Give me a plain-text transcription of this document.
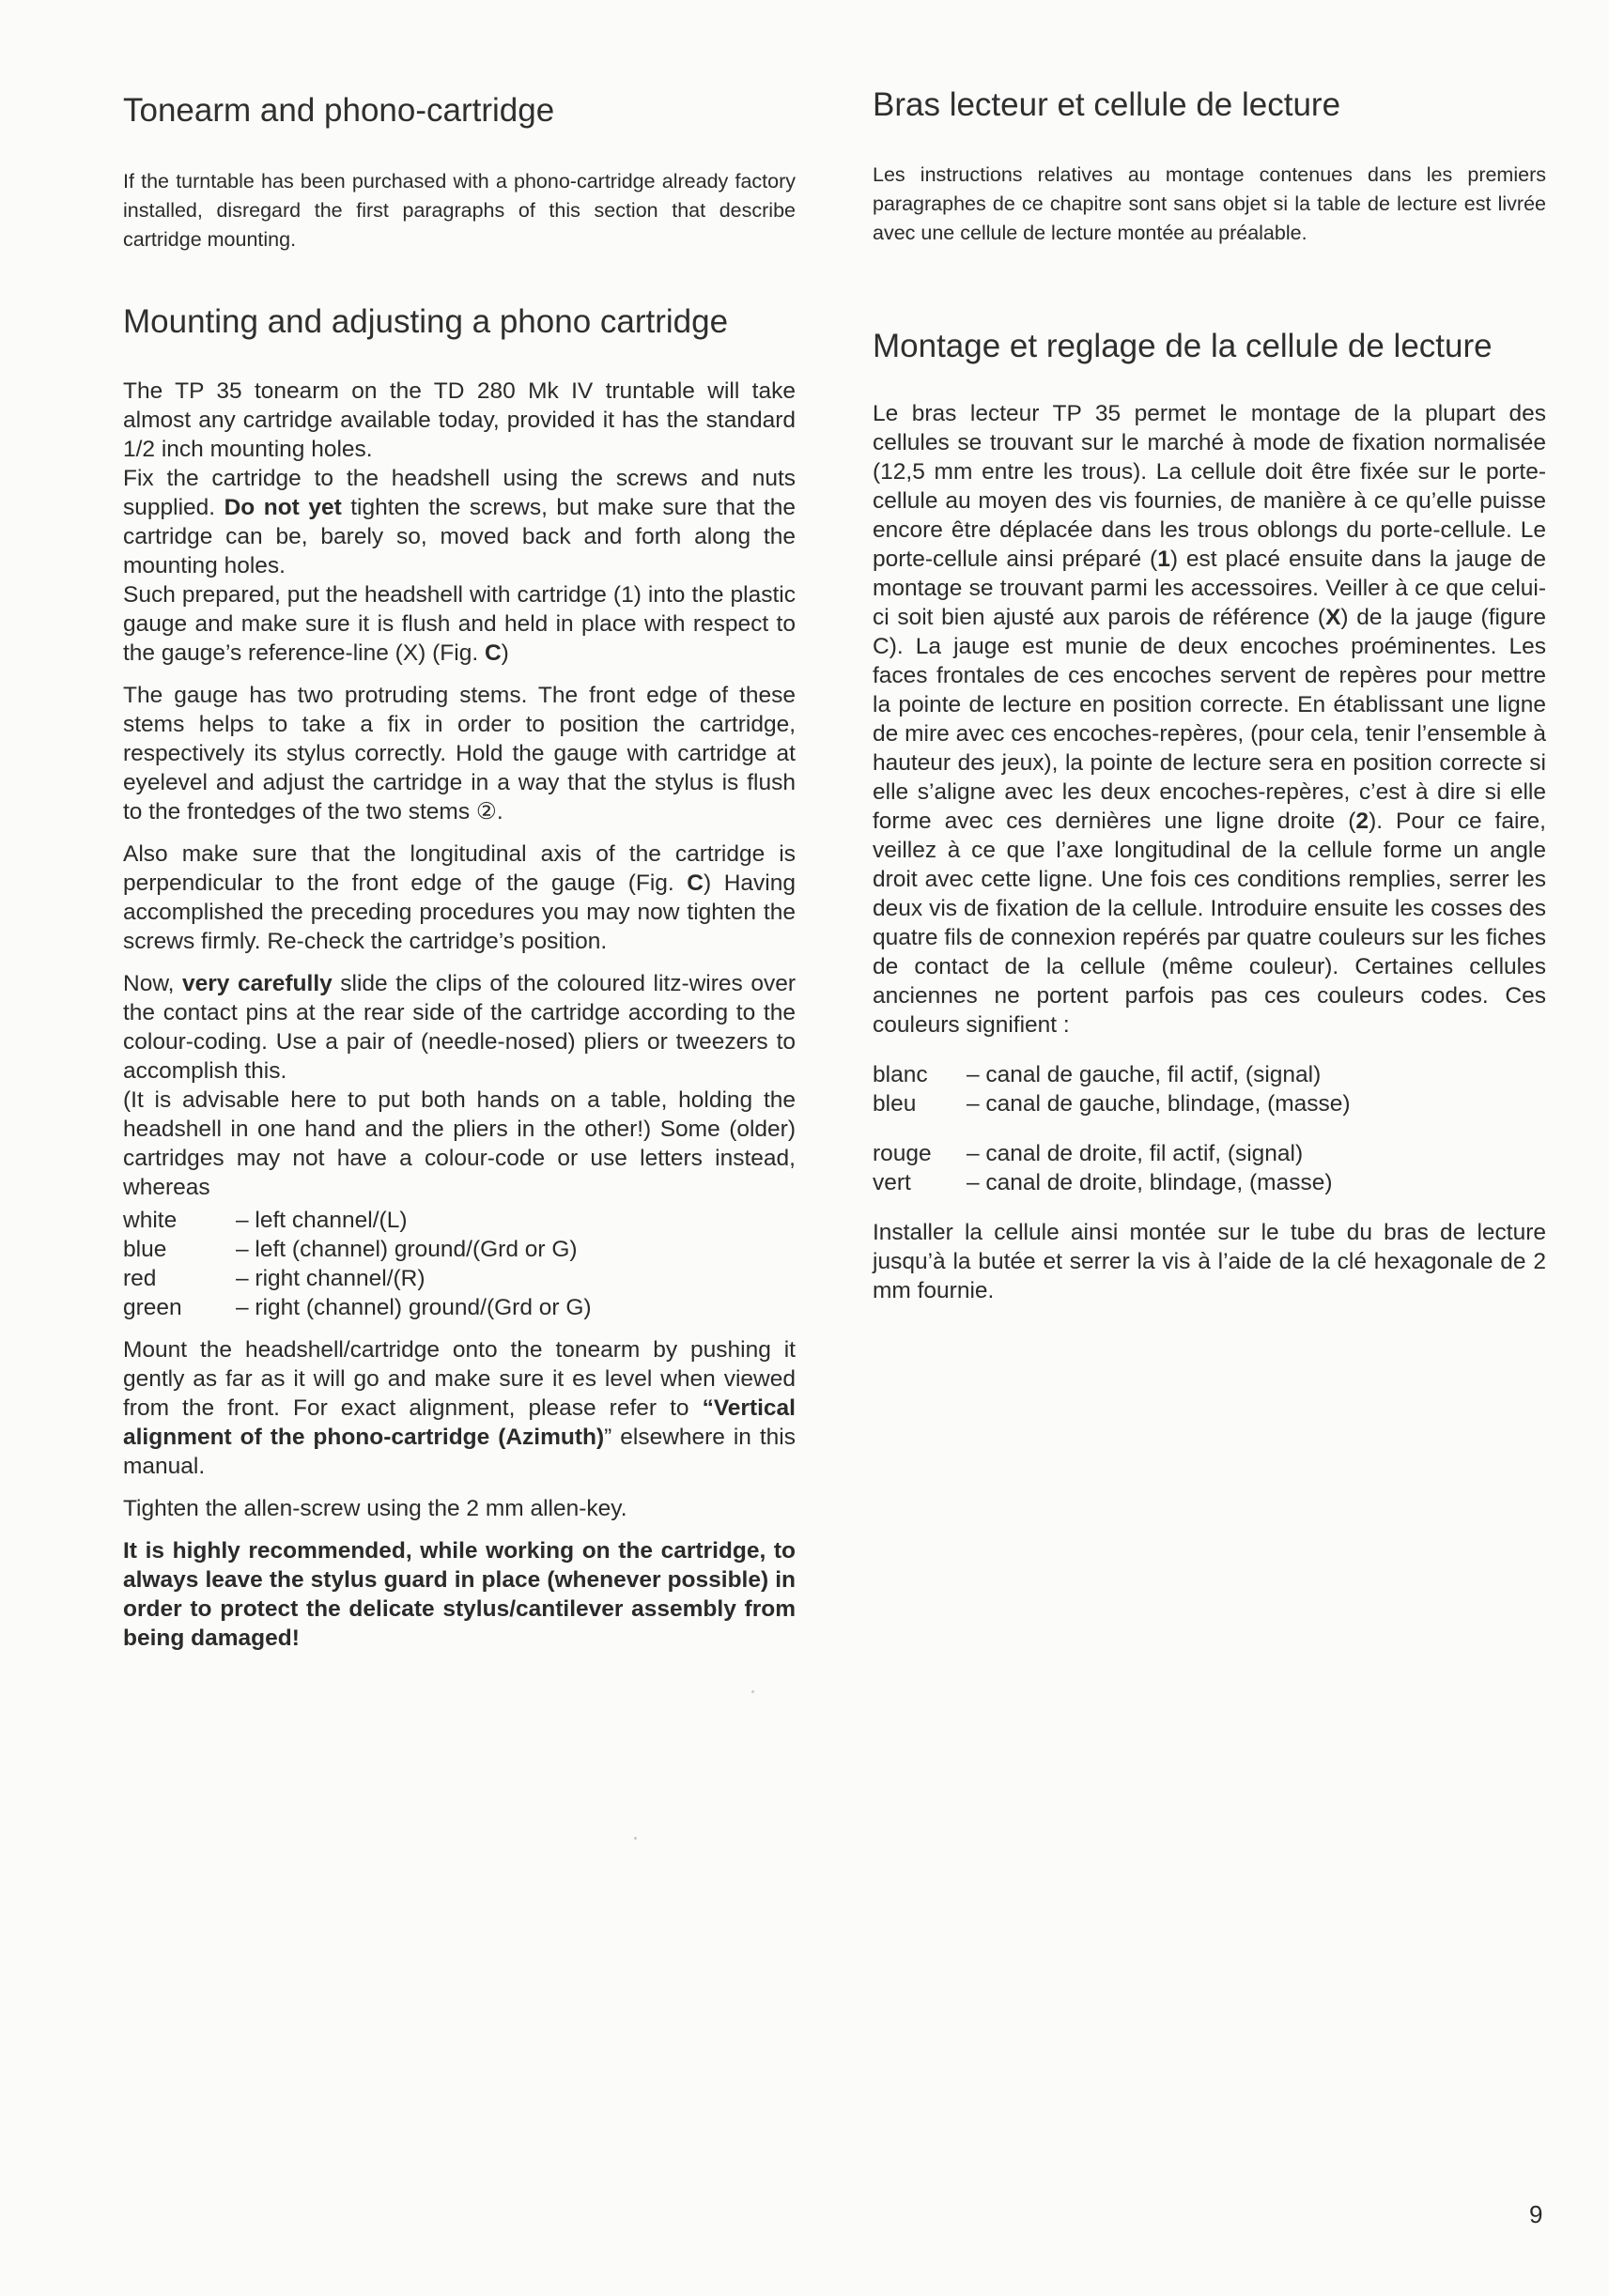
Tonearm and phono-cartridge

If the turntable has been purchased with a phono-cartridge already factory installed, disregard the first paragraphs of this section that describe cartridge mounting.

Mounting and adjusting a phono cartridge

The TP 35 tonearm on the TD 280 Mk IV truntable will take almost any cartridge available today, provided it has the standard 1/2 inch mounting holes.

Fix the cartridge to the headshell using the screws and nuts supplied. Do not yet tighten the screws, but make sure that the cartridge can be, barely so, moved back and forth along the mounting holes.

Such prepared, put the headshell with cartridge (1) into the plastic gauge and make sure it is flush and held in place with respect to the gauge’s reference-line (X) (Fig. C)

The gauge has two protruding stems. The front edge of these stems helps to take a fix in order to position the cartridge, respectively its stylus correctly. Hold the gauge with cartridge at eyelevel and adjust the cartridge in a way that the stylus is flush to the frontedges of the two stems ②.

Also make sure that the longitudinal axis of the cartridge is perpendicular to the front edge of the gauge (Fig. C) Having accomplished the preceding procedures you may now tighten the screws firmly. Re-check the cartridge’s position.

Now, very carefully slide the clips of the coloured litz-wires over the contact pins at the rear side of the cartridge according to the colour-coding. Use a pair of (needle-nosed) pliers or tweezers to accomplish this.

(It is advisable here to put both hands on a table, holding the headshell in one hand and the pliers in the other!) Some (older) cartridges may not have a colour-code or use letters instead, whereas

white	– left channel/(L)
blue	– left (channel) ground/(Grd or G)
red	– right channel/(R)
green	– right (channel) ground/(Grd or G)

Mount the headshell/cartridge onto the tonearm by pushing it gently as far as it will go and make sure it es level when viewed from the front. For exact alignment, please refer to “Vertical alignment of the phono-cartridge (Azimuth)” elsewhere in this manual.

Tighten the allen-screw using the 2 mm allen-key.

It is highly recommended, while working on the cartridge, to always leave the stylus guard in place (whenever possible) in order to protect the delicate stylus/cantilever assembly from being damaged!

Bras lecteur et cellule de lecture

Les instructions relatives au montage contenues dans les premiers paragraphes de ce chapitre sont sans objet si la table de lecture est livrée avec une cellule de lecture montée au préalable.

Montage et reglage de la cellule de lecture

Le bras lecteur TP 35 permet le montage de la plupart des cellules se trouvant sur le marché à mode de fixation normalisée (12,5 mm entre les trous). La cellule doit être fixée sur le porte-cellule au moyen des vis fournies, de manière à ce qu’elle puisse encore être déplacée dans les trous oblongs du porte-cellule. Le porte-cellule ainsi préparé (1) est placé ensuite dans la jauge de montage se trouvant parmi les accessoires. Veiller à ce que celui-ci soit bien ajusté aux parois de référence (X) de la jauge (figure C). La jauge est munie de deux encoches proéminentes. Les faces frontales de ces encoches servent de repères pour mettre la pointe de lecture en position correcte. En établissant une ligne de mire avec ces encoches-repères, (pour cela, tenir l’ensemble à hauteur des jeux), la pointe de lecture sera en position correcte si elle s’aligne avec les deux encoches-repères, c’est à dire si elle forme avec ces dernières une ligne droite (2). Pour ce faire, veillez à ce que l’axe longitudinal de la cellule forme un angle droit avec cette ligne. Une fois ces conditions remplies, serrer les deux vis de fixation de la cellule. Introduire ensuite les cosses des quatre fils de connexion repérés par quatre couleurs sur les fiches de contact de la cellule (même couleur). Certaines cellules anciennes ne portent parfois pas ces couleurs codes. Ces couleurs signifient :

blanc	– canal de gauche, fil actif, (signal)
bleu	– canal de gauche, blindage, (masse)
rouge	– canal de droite, fil actif, (signal)
vert	– canal de droite, blindage, (masse)

Installer la cellule ainsi montée sur le tube du bras de lecture jusqu’à la butée et serrer la vis à l’aide de la clé hexagonale de 2 mm fournie.

9
